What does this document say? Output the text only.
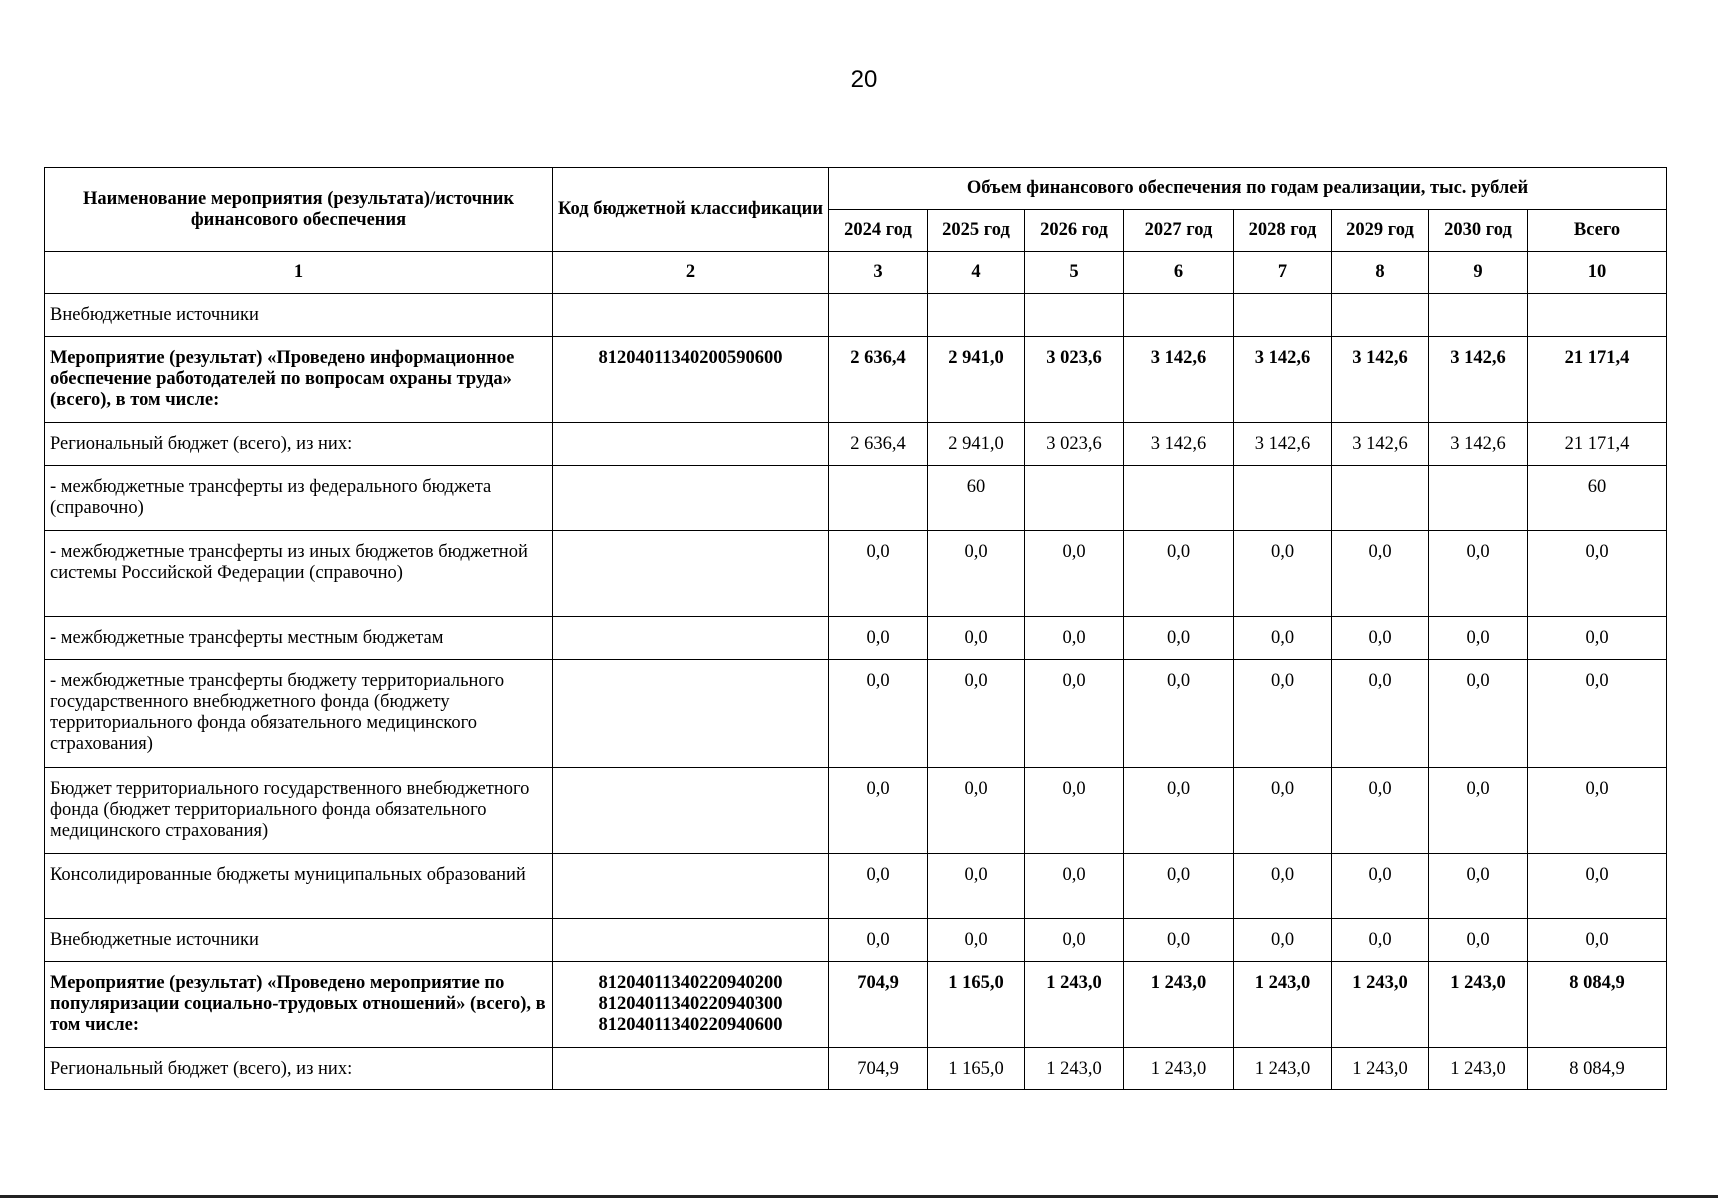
20
Наименование мероприятия (результата)/источник финансового обеспечения	Код бюджетной классификации	Объем финансового обеспечения по годам реализации, тыс. рублей							
		2024 год	2025 год	2026 год	2027 год	2028 год	2029 год	2030 год	Всего
1	2	3	4	5	6	7	8	9	10
Внебюджетные источники									
Мероприятие (результат) «Проведено информационное обеспечение работодателей по вопросам охраны труда» (всего), в том числе:	81204011340200590600	2 636,4	2 941,0	3 023,6	3 142,6	3 142,6	3 142,6	3 142,6	21 171,4
Региональный бюджет (всего), из них:		2 636,4	2 941,0	3 023,6	3 142,6	3 142,6	3 142,6	3 142,6	21 171,4
- межбюджетные трансферты из федерального бюджета (справочно)			60						60
- межбюджетные трансферты из иных бюджетов бюджетной системы Российской Федерации (справочно)		0,0	0,0	0,0	0,0	0,0	0,0	0,0	0,0
- межбюджетные трансферты местным бюджетам		0,0	0,0	0,0	0,0	0,0	0,0	0,0	0,0
- межбюджетные трансферты бюджету территориального государственного внебюджетного фонда (бюджету территориального фонда обязательного медицинского страхования)		0,0	0,0	0,0	0,0	0,0	0,0	0,0	0,0
Бюджет территориального государственного внебюджетного фонда (бюджет территориального фонда обязательного медицинского страхования)		0,0	0,0	0,0	0,0	0,0	0,0	0,0	0,0
Консолидированные бюджеты муниципальных образований		0,0	0,0	0,0	0,0	0,0	0,0	0,0	0,0
Внебюджетные источники		0,0	0,0	0,0	0,0	0,0	0,0	0,0	0,0
Мероприятие (результат) «Проведено мероприятие по популяризации социально-трудовых отношений» (всего), в том числе:	81204011340220940200
81204011340220940300
81204011340220940600	704,9	1 165,0	1 243,0	1 243,0	1 243,0	1 243,0	1 243,0	8 084,9
Региональный бюджет (всего), из них:		704,9	1 165,0	1 243,0	1 243,0	1 243,0	1 243,0	1 243,0	8 084,9
